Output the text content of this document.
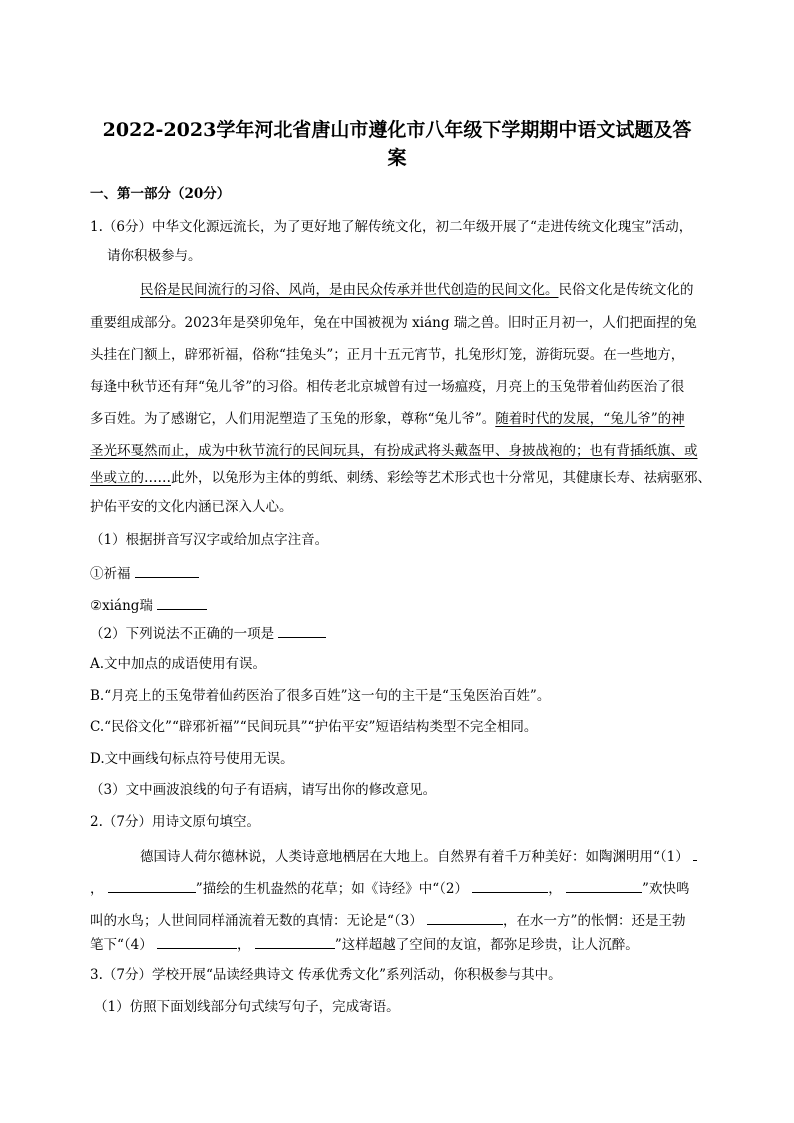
2022-2023学年河北省唐山市遵化市八年级下学期期中语文试题及答
案
一、第一部分（20分）
1.（6分）中华文化源远流长，为了更好地了解传统文化，初二年级开展了“走进传统文化瑰宝”活动，
请你积极参与。
民俗是民间流行的习俗、风尚，是由民众传承并世代创造的民间文化。民俗文化是传统文化的
重要组成部分。2023年是癸卯兔年，兔在中国被视为 xiáng 瑞之兽。旧时正月初一，人们把面捏的兔
头挂在门额上，辟邪祈福，俗称“挂兔头”；正月十五元宵节，扎兔形灯笼，游街玩耍。在一些地方，
每逢中秋节还有拜“兔儿爷”的习俗。相传老北京城曾有过一场瘟疫，月亮上的玉兔带着仙药医治了很
多百姓。为了感谢它，人们用泥塑造了玉兔的形象，尊称“兔儿爷”。随着时代的发展，“兔儿爷”的神
圣光环戛然而止，成为中秋节流行的民间玩具，有扮成武将头戴盔甲、身披战袍的；也有背插纸旗、或
坐或立的……此外，以兔形为主体的剪纸、刺绣、彩绘等艺术形式也十分常见，其健康长寿、祛病驱邪、
护佑平安的文化内涵已深入人心。
（1）根据拼音写汉字或给加点字注音。
①祈福
②xiáng瑞
（2）下列说法不正确的一项是
A.文中加点的成语使用有误。
B.“月亮上的玉兔带着仙药医治了很多百姓”这一句的主干是“玉兔医治百姓”。
C.“民俗文化”“辟邪祈福”“民间玩具”“护佑平安”短语结构类型不完全相同。
D.文中画线句标点符号使用无误。
（3）文中画波浪线的句子有语病，请写出你的修改意见。
2.（7分）用诗文原句填空。
德国诗人荷尔德林说，人类诗意地栖居在大地上。自然界有着千万种美好：如陶渊明用“（1）
，	”描绘的生机盎然的花草；如《诗经》中“（2）	，	”欢快鸣
叫的水鸟；人世间同样涌流着无数的真情：无论是“（3）	，在水一方”的怅惘：还是王勃
笔下“（4）	，	”这样超越了空间的友谊，都弥足珍贵，让人沉醉。
3.（7分）学校开展“品读经典诗文 传承优秀文化”系列活动，你积极参与其中。
（1）仿照下面划线部分句式续写句子，完成寄语。
